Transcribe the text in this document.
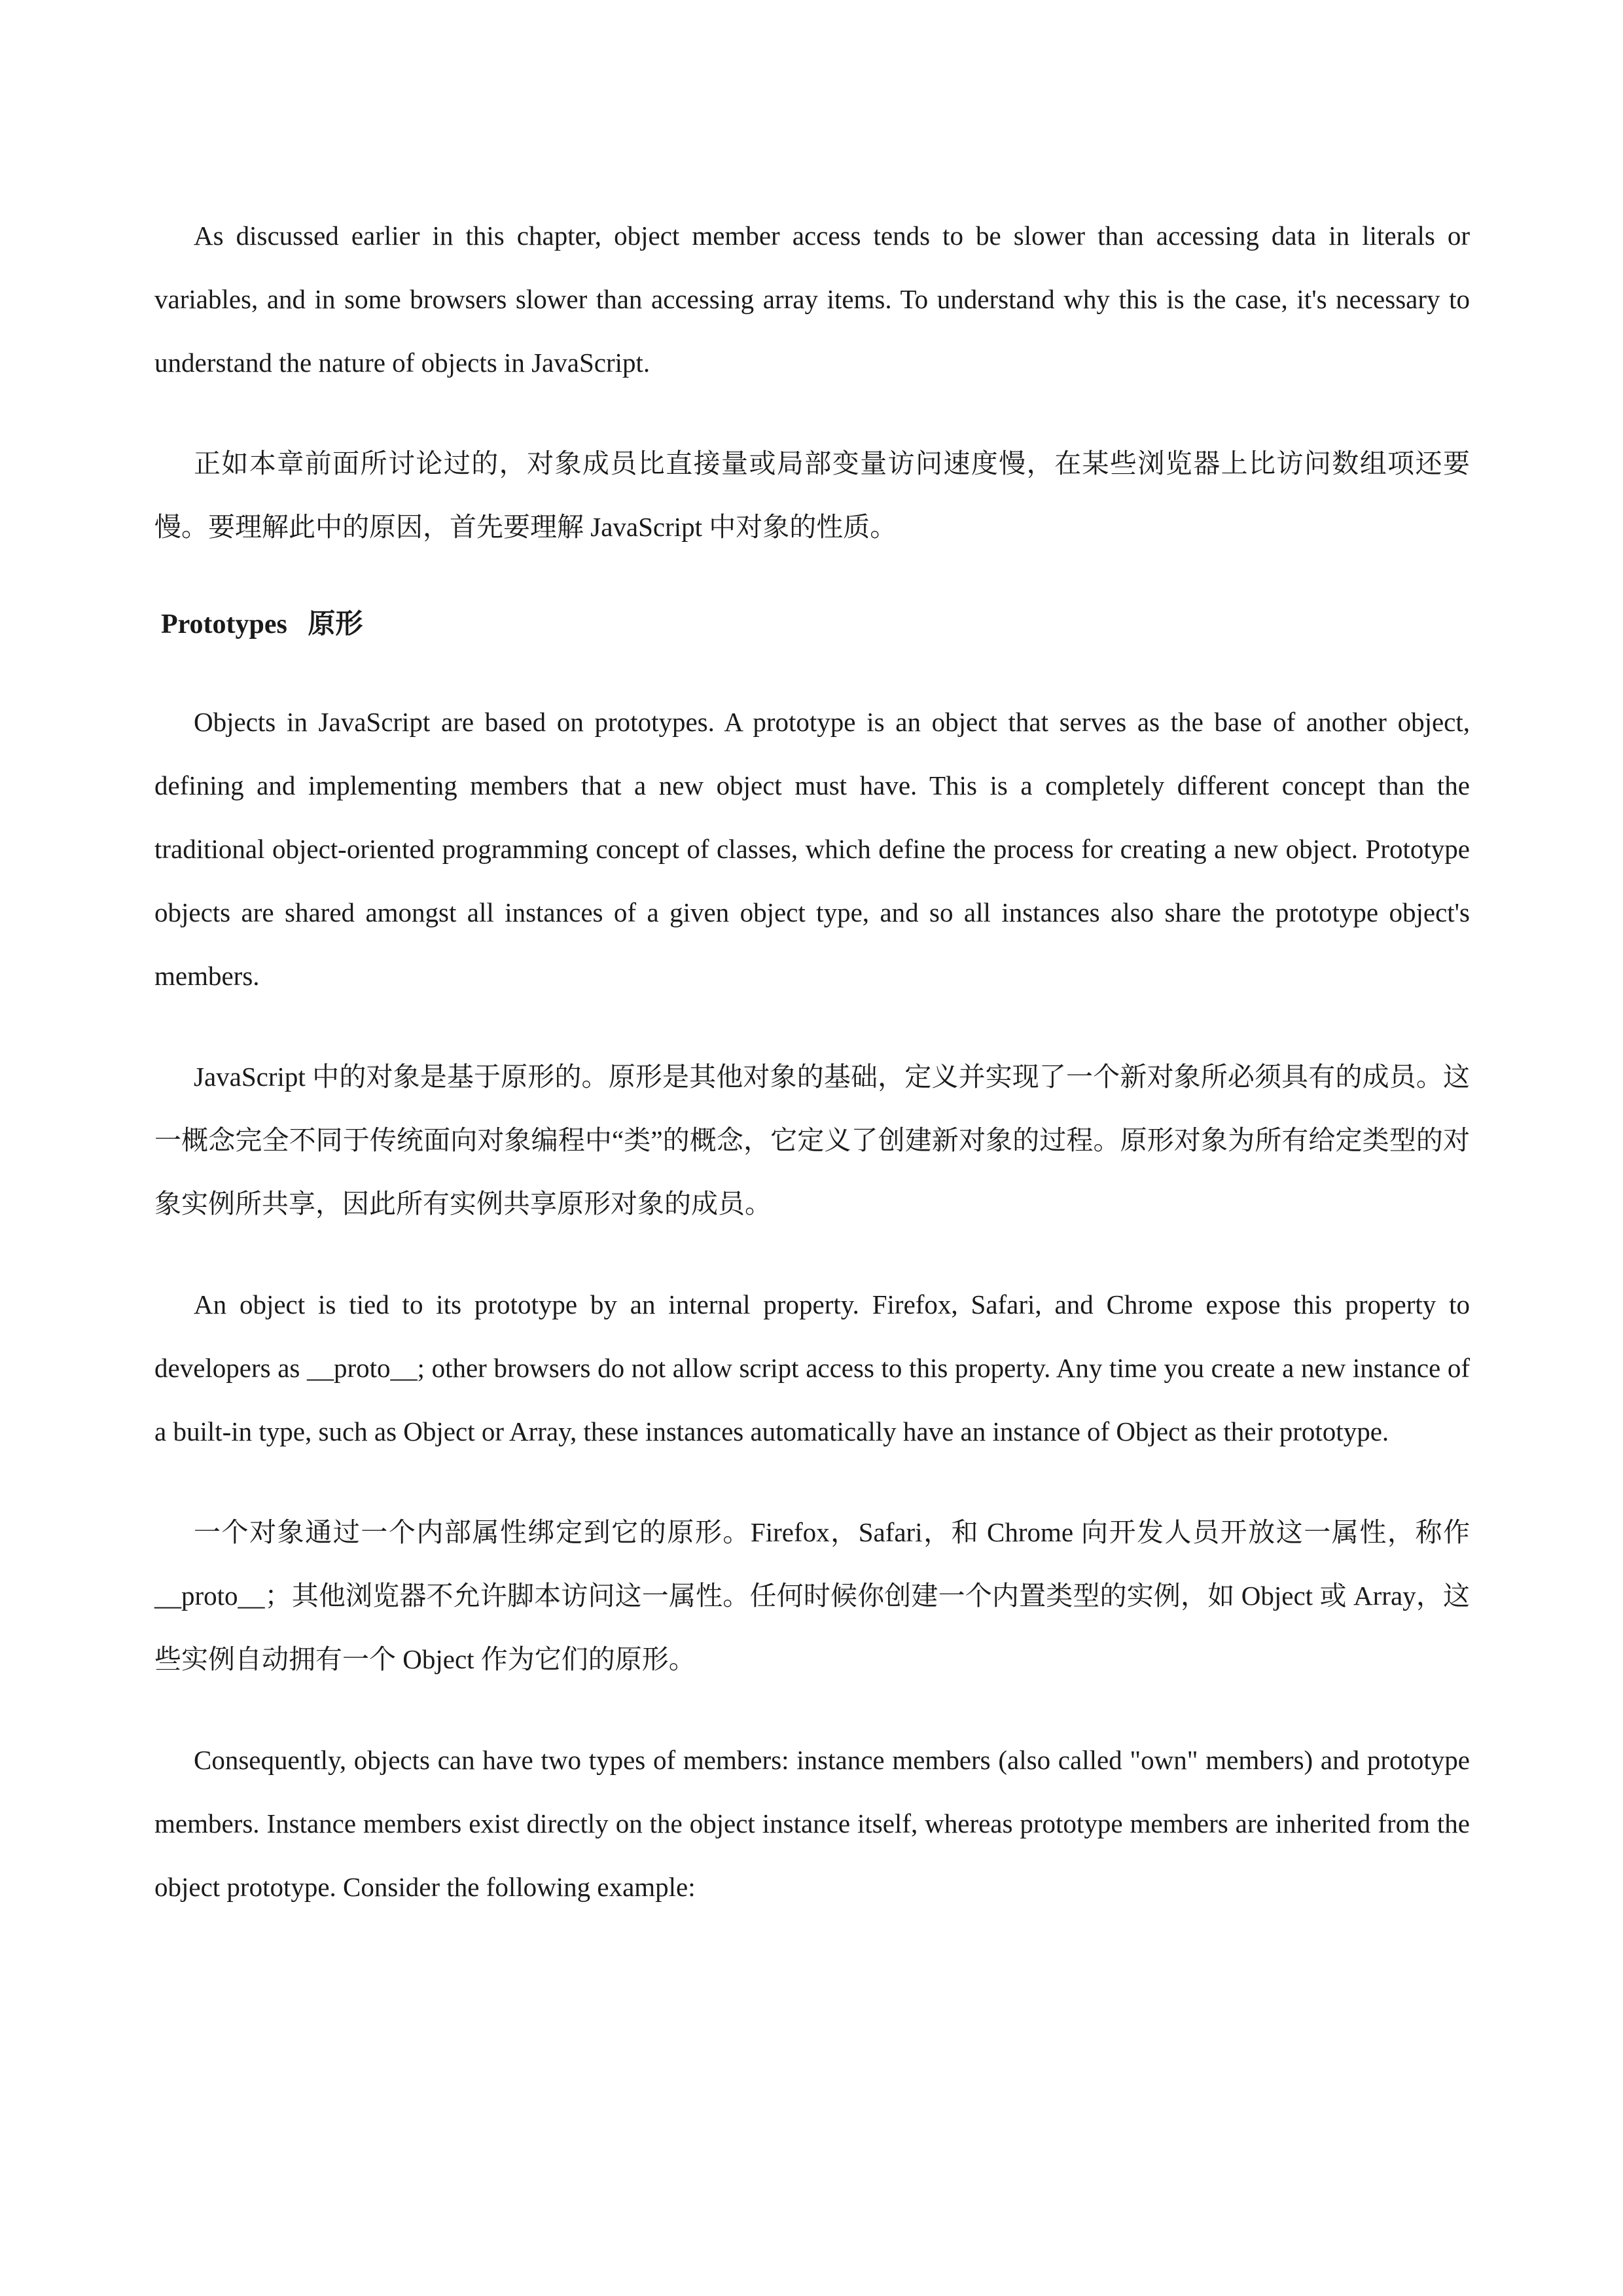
As discussed earlier in this chapter, object member access tends to be slower than accessing data in literals or variables, and in some browsers slower than accessing array items. To understand why this is the case, it's necessary to understand the nature of objects in JavaScript.

正如本章前面所讨论过的，对象成员比直接量或局部变量访问速度慢，在某些浏览器上比访问数组项还要慢。要理解此中的原因，首先要理解 JavaScript 中对象的性质。

Prototypes   原形

Objects in JavaScript are based on prototypes. A prototype is an object that serves as the base of another object, defining and implementing members that a new object must have. This is a completely different concept than the traditional object-oriented programming concept of classes, which define the process for creating a new object. Prototype objects are shared amongst all instances of a given object type, and so all instances also share the prototype object's members.

JavaScript 中的对象是基于原形的。原形是其他对象的基础，定义并实现了一个新对象所必须具有的成员。这一概念完全不同于传统面向对象编程中“类”的概念，它定义了创建新对象的过程。原形对象为所有给定类型的对象实例所共享，因此所有实例共享原形对象的成员。

An object is tied to its prototype by an internal property. Firefox, Safari, and Chrome expose this property to developers as __proto__; other browsers do not allow script access to this property. Any time you create a new instance of a built-in type, such as Object or Array, these instances automatically have an instance of Object as their prototype.

一个对象通过一个内部属性绑定到它的原形。Firefox，Safari，和 Chrome 向开发人员开放这一属性，称作__proto__；其他浏览器不允许脚本访问这一属性。任何时候你创建一个内置类型的实例，如 Object 或 Array，这些实例自动拥有一个 Object 作为它们的原形。

Consequently, objects can have two types of members: instance members (also called "own" members) and prototype members. Instance members exist directly on the object instance itself, whereas prototype members are inherited from the object prototype. Consider the following example:
